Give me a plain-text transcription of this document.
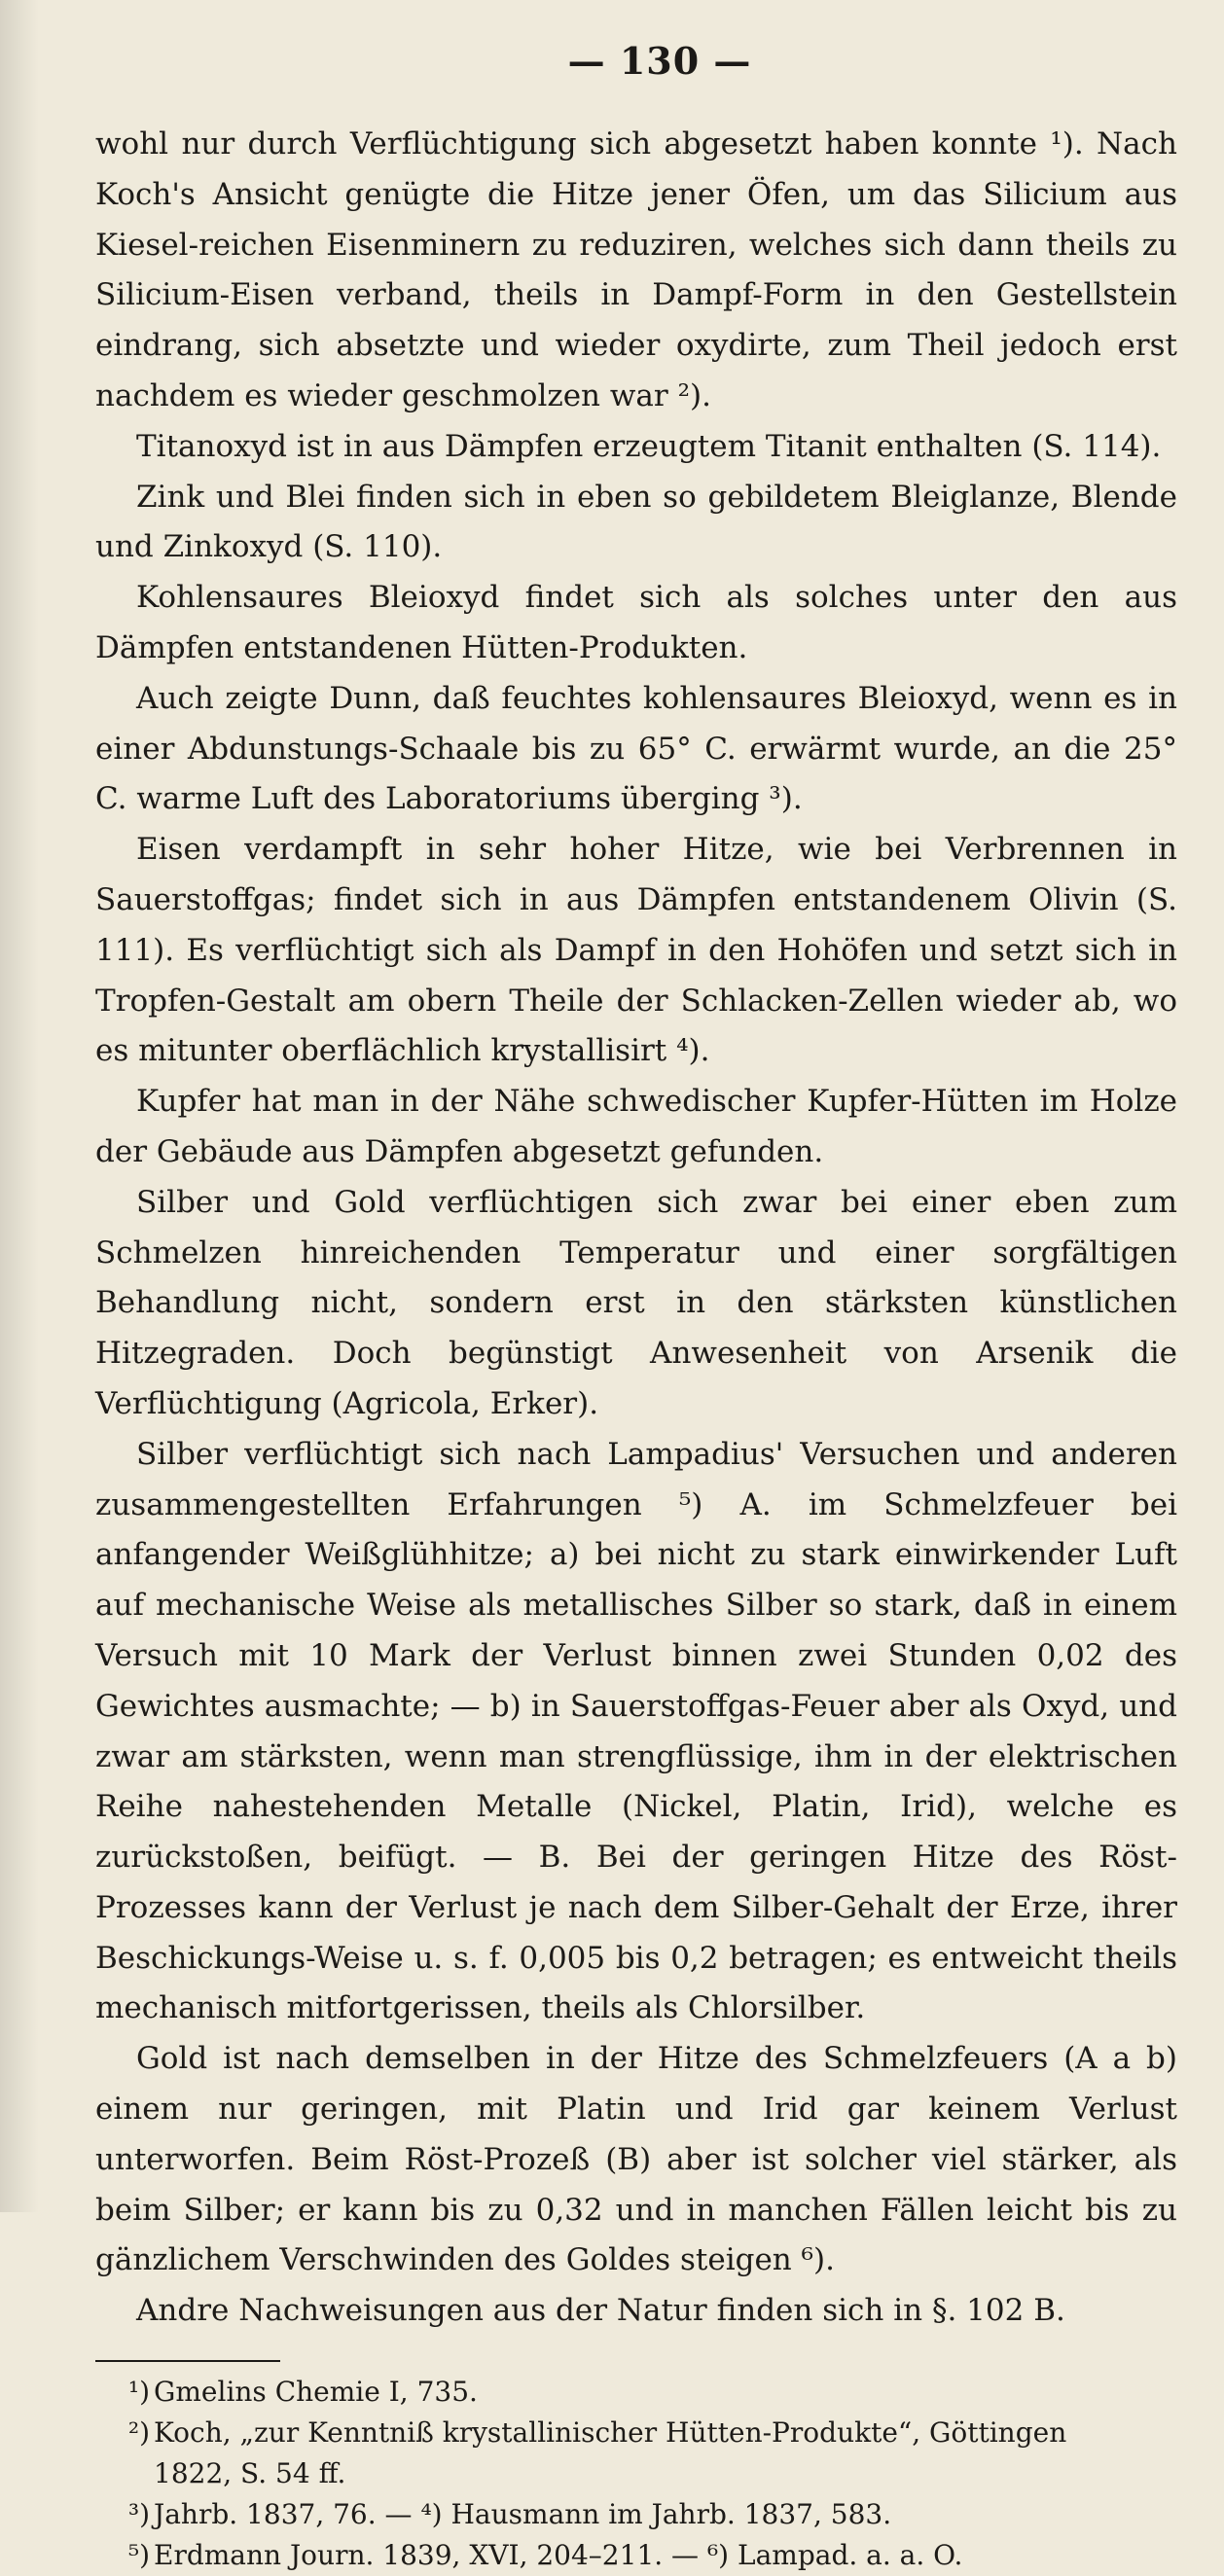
— 130 —

wohl nur durch Verflüchtigung sich abgesetzt haben konnte ¹). Nach Koch's Ansicht genügte die Hitze jener Öfen, um das Silicium aus Kiesel-reichen Eisenminern zu reduziren, welches sich dann theils zu Silicium-Eisen verband, theils in Dampf-Form in den Gestellstein eindrang, sich absetzte und wieder oxydirte, zum Theil jedoch erst nachdem es wieder geschmolzen war ²).

Titanoxyd ist in aus Dämpfen erzeugtem Titanit enthalten (S. 114).

Zink und Blei finden sich in eben so gebildetem Bleiglanze, Blende und Zinkoxyd (S. 110).

Kohlensaures Bleioxyd findet sich als solches unter den aus Dämpfen entstandenen Hütten-Produkten.

Auch zeigte Dunn, daß feuchtes kohlensaures Bleioxyd, wenn es in einer Abdunstungs-Schaale bis zu 65° C. erwärmt wurde, an die 25° C. warme Luft des Laboratoriums überging ³).

Eisen verdampft in sehr hoher Hitze, wie bei Verbrennen in Sauerstoffgas; findet sich in aus Dämpfen entstandenem Olivin (S. 111). Es verflüchtigt sich als Dampf in den Hohöfen und setzt sich in Tropfen-Gestalt am obern Theile der Schlacken-Zellen wieder ab, wo es mitunter oberflächlich krystallisirt ⁴).

Kupfer hat man in der Nähe schwedischer Kupfer-Hütten im Holze der Gebäude aus Dämpfen abgesetzt gefunden.

Silber und Gold verflüchtigen sich zwar bei einer eben zum Schmelzen hinreichenden Temperatur und einer sorgfältigen Behandlung nicht, sondern erst in den stärksten künstlichen Hitzegraden. Doch begünstigt Anwesenheit von Arsenik die Verflüchtigung (Agricola, Erker).

Silber verflüchtigt sich nach Lampadius' Versuchen und anderen zusammengestellten Erfahrungen ⁵) A. im Schmelzfeuer bei anfangender Weißglühhitze; a) bei nicht zu stark einwirkender Luft auf mechanische Weise als metallisches Silber so stark, daß in einem Versuch mit 10 Mark der Verlust binnen zwei Stunden 0,02 des Gewichtes ausmachte; — b) in Sauerstoffgas-Feuer aber als Oxyd, und zwar am stärksten, wenn man strengflüssige, ihm in der elektrischen Reihe nahestehenden Metalle (Nickel, Platin, Irid), welche es zurückstoßen, beifügt. — B. Bei der geringen Hitze des Röst-Prozesses kann der Verlust je nach dem Silber-Gehalt der Erze, ihrer Beschickungs-Weise u. s. f. 0,005 bis 0,2 betragen; es entweicht theils mechanisch mitfortgerissen, theils als Chlorsilber.

Gold ist nach demselben in der Hitze des Schmelzfeuers (A a b) einem nur geringen, mit Platin und Irid gar keinem Verlust unterworfen. Beim Röst-Prozeß (B) aber ist solcher viel stärker, als beim Silber; er kann bis zu 0,32 und in manchen Fällen leicht bis zu gänzlichem Verschwinden des Goldes steigen ⁶).

Andre Nachweisungen aus der Natur finden sich in §. 102 B.

¹) Gmelins Chemie I, 735.
²) Koch, „zur Kenntniß krystallinischer Hütten-Produkte“, Göttingen
1822, S. 54 ff.
³) Jahrb. 1837, 76. — ⁴) Hausmann im Jahrb. 1837, 583.
⁵) Erdmann Journ. 1839, XVI, 204–211. — ⁶) Lampad. a. a. O.
